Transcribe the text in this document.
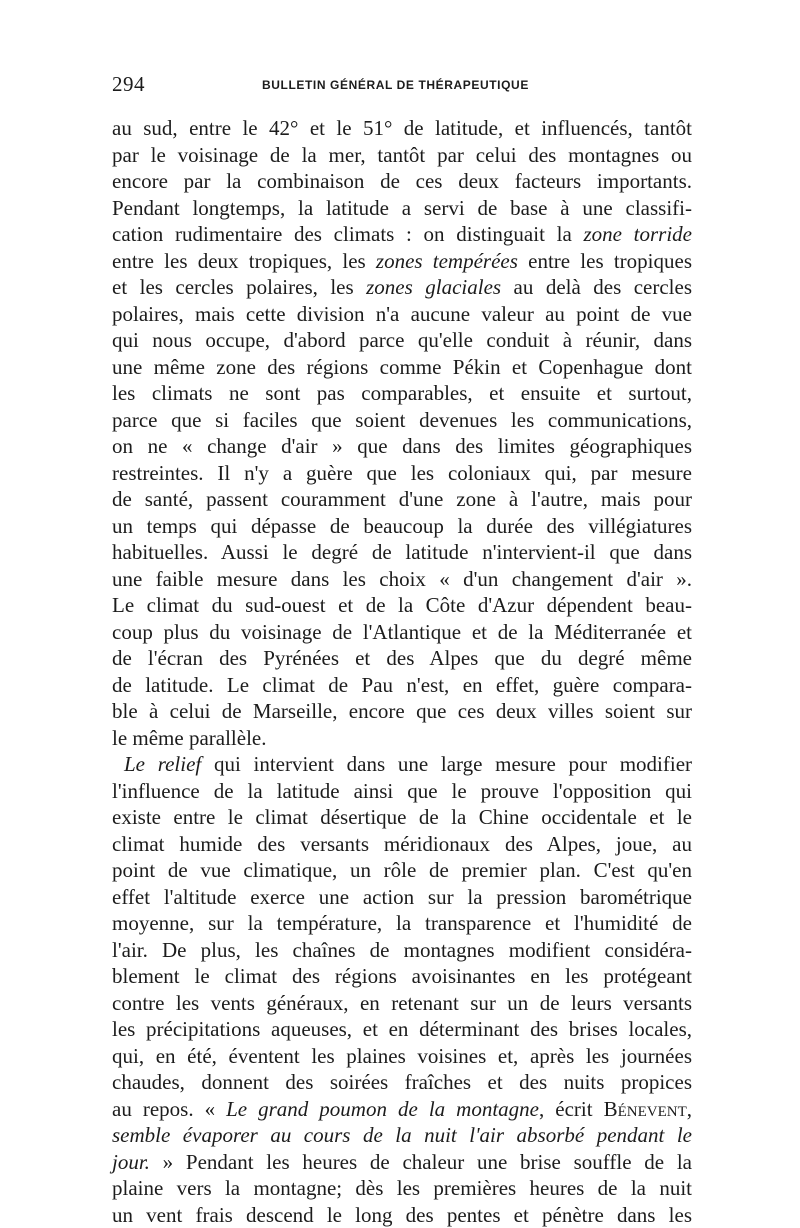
294	BULLETIN GÉNÉRAL DE THÉRAPEUTIQUE
au sud, entre le 42° et le 51° de latitude, et influencés, tantôt
par le voisinage de la mer, tantôt par celui des montagnes ou
encore par la combinaison de ces deux facteurs importants.
Pendant longtemps, la latitude a servi de base à une classifi-
cation rudimentaire des climats : on distinguait la zone torride
entre les deux tropiques, les zones tempérées entre les tropiques
et les cercles polaires, les zones glaciales au delà des cercles
polaires, mais cette division n'a aucune valeur au point de vue
qui nous occupe, d'abord parce qu'elle conduit à réunir, dans
une même zone des régions comme Pékin et Copenhague dont
les climats ne sont pas comparables, et ensuite et surtout,
parce que si faciles que soient devenues les communications,
on ne « change d'air » que dans des limites géographiques
restreintes. Il n'y a guère que les coloniaux qui, par mesure
de santé, passent couramment d'une zone à l'autre, mais pour
un temps qui dépasse de beaucoup la durée des villégiatures
habituelles. Aussi le degré de latitude n'intervient-il que dans
une faible mesure dans les choix « d'un changement d'air ».
Le climat du sud-ouest et de la Côte d'Azur dépendent beau-
coup plus du voisinage de l'Atlantique et de la Méditerranée et
de l'écran des Pyrénées et des Alpes que du degré même
de latitude. Le climat de Pau n'est, en effet, guère compara-
ble à celui de Marseille, encore que ces deux villes soient sur
le même parallèle.
Le relief qui intervient dans une large mesure pour modifier
l'influence de la latitude ainsi que le prouve l'opposition qui
existe entre le climat désertique de la Chine occidentale et le
climat humide des versants méridionaux des Alpes, joue, au
point de vue climatique, un rôle de premier plan. C'est qu'en
effet l'altitude exerce une action sur la pression barométrique
moyenne, sur la température, la transparence et l'humidité de
l'air. De plus, les chaînes de montagnes modifient considéra-
blement le climat des régions avoisinantes en les protégeant
contre les vents généraux, en retenant sur un de leurs versants
les précipitations aqueuses, et en déterminant des brises locales,
qui, en été, éventent les plaines voisines et, après les journées
chaudes, donnent des soirées fraîches et des nuits propices
au repos. « Le grand poumon de la montagne, écrit Bénevent,
semble évaporer au cours de la nuit l'air absorbé pendant le
jour. » Pendant les heures de chaleur une brise souffle de la
plaine vers la montagne; dès les premières heures de la nuit
un vent frais descend le long des pentes et pénètre dans les
